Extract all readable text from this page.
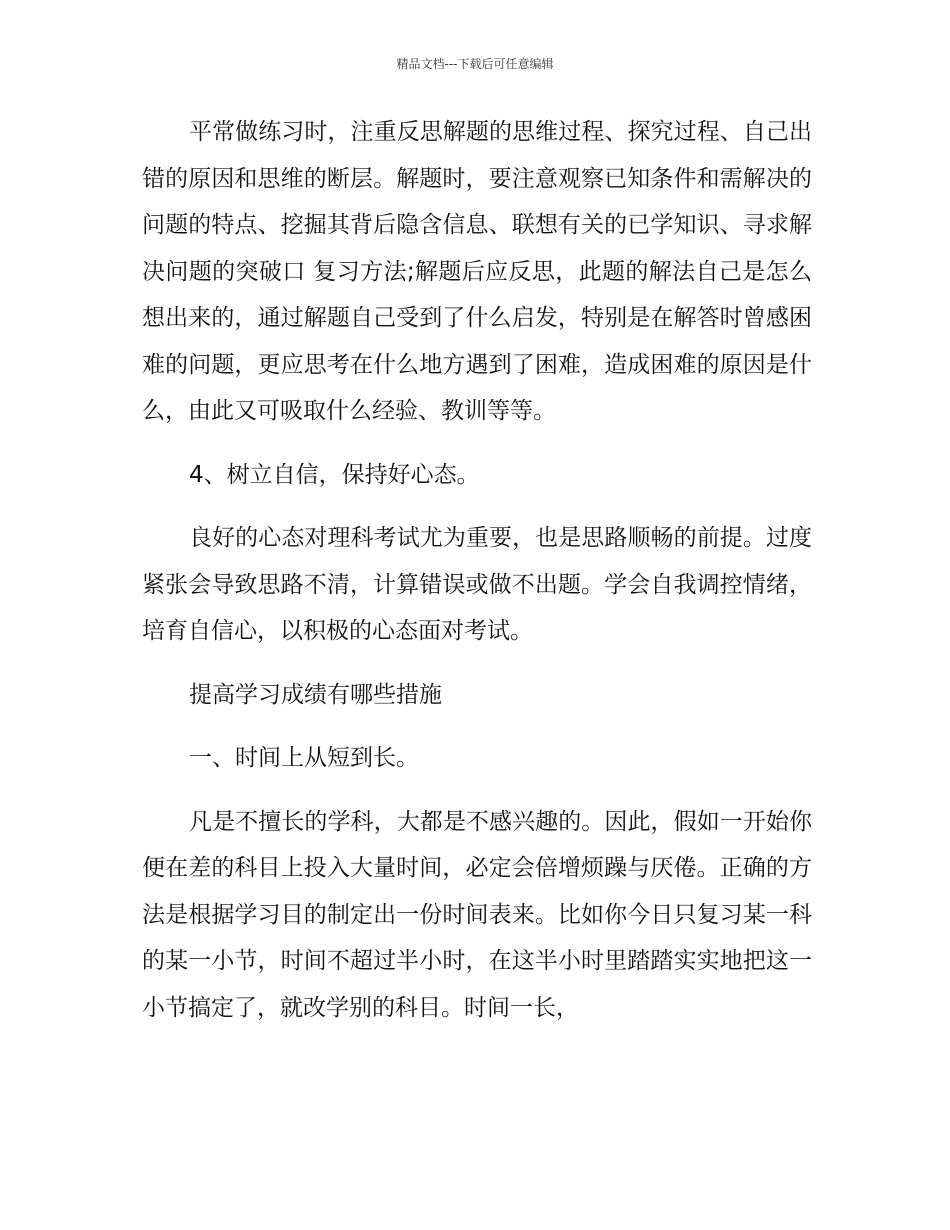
精品文档---下载后可任意编辑

平常做练习时，注重反思解题的思维过程、探究过程、自己出错的原因和思维的断层。解题时，要注意观察已知条件和需解决的问题的特点、挖掘其背后隐含信息、联想有关的已学知识、寻求解决问题的突破口 复习方法;解题后应反思，此题的解法自己是怎么想出来的，通过解题自己受到了什么启发，特别是在解答时曾感困难的问题，更应思考在什么地方遇到了困难，造成困难的原因是什么，由此又可吸取什么经验、教训等等。

4、树立自信，保持好心态。

良好的心态对理科考试尤为重要，也是思路顺畅的前提。过度紧张会导致思路不清，计算错误或做不出题。学会自我调控情绪，培育自信心，以积极的心态面对考试。

提高学习成绩有哪些措施

一、时间上从短到长。

凡是不擅长的学科，大都是不感兴趣的。因此，假如一开始你便在差的科目上投入大量时间，必定会倍增烦躁与厌倦。正确的方法是根据学习目的制定出一份时间表来。比如你今日只复习某一科的某一小节，时间不超过半小时，在这半小时里踏踏实实地把这一小节搞定了，就改学别的科目。时间一长，
